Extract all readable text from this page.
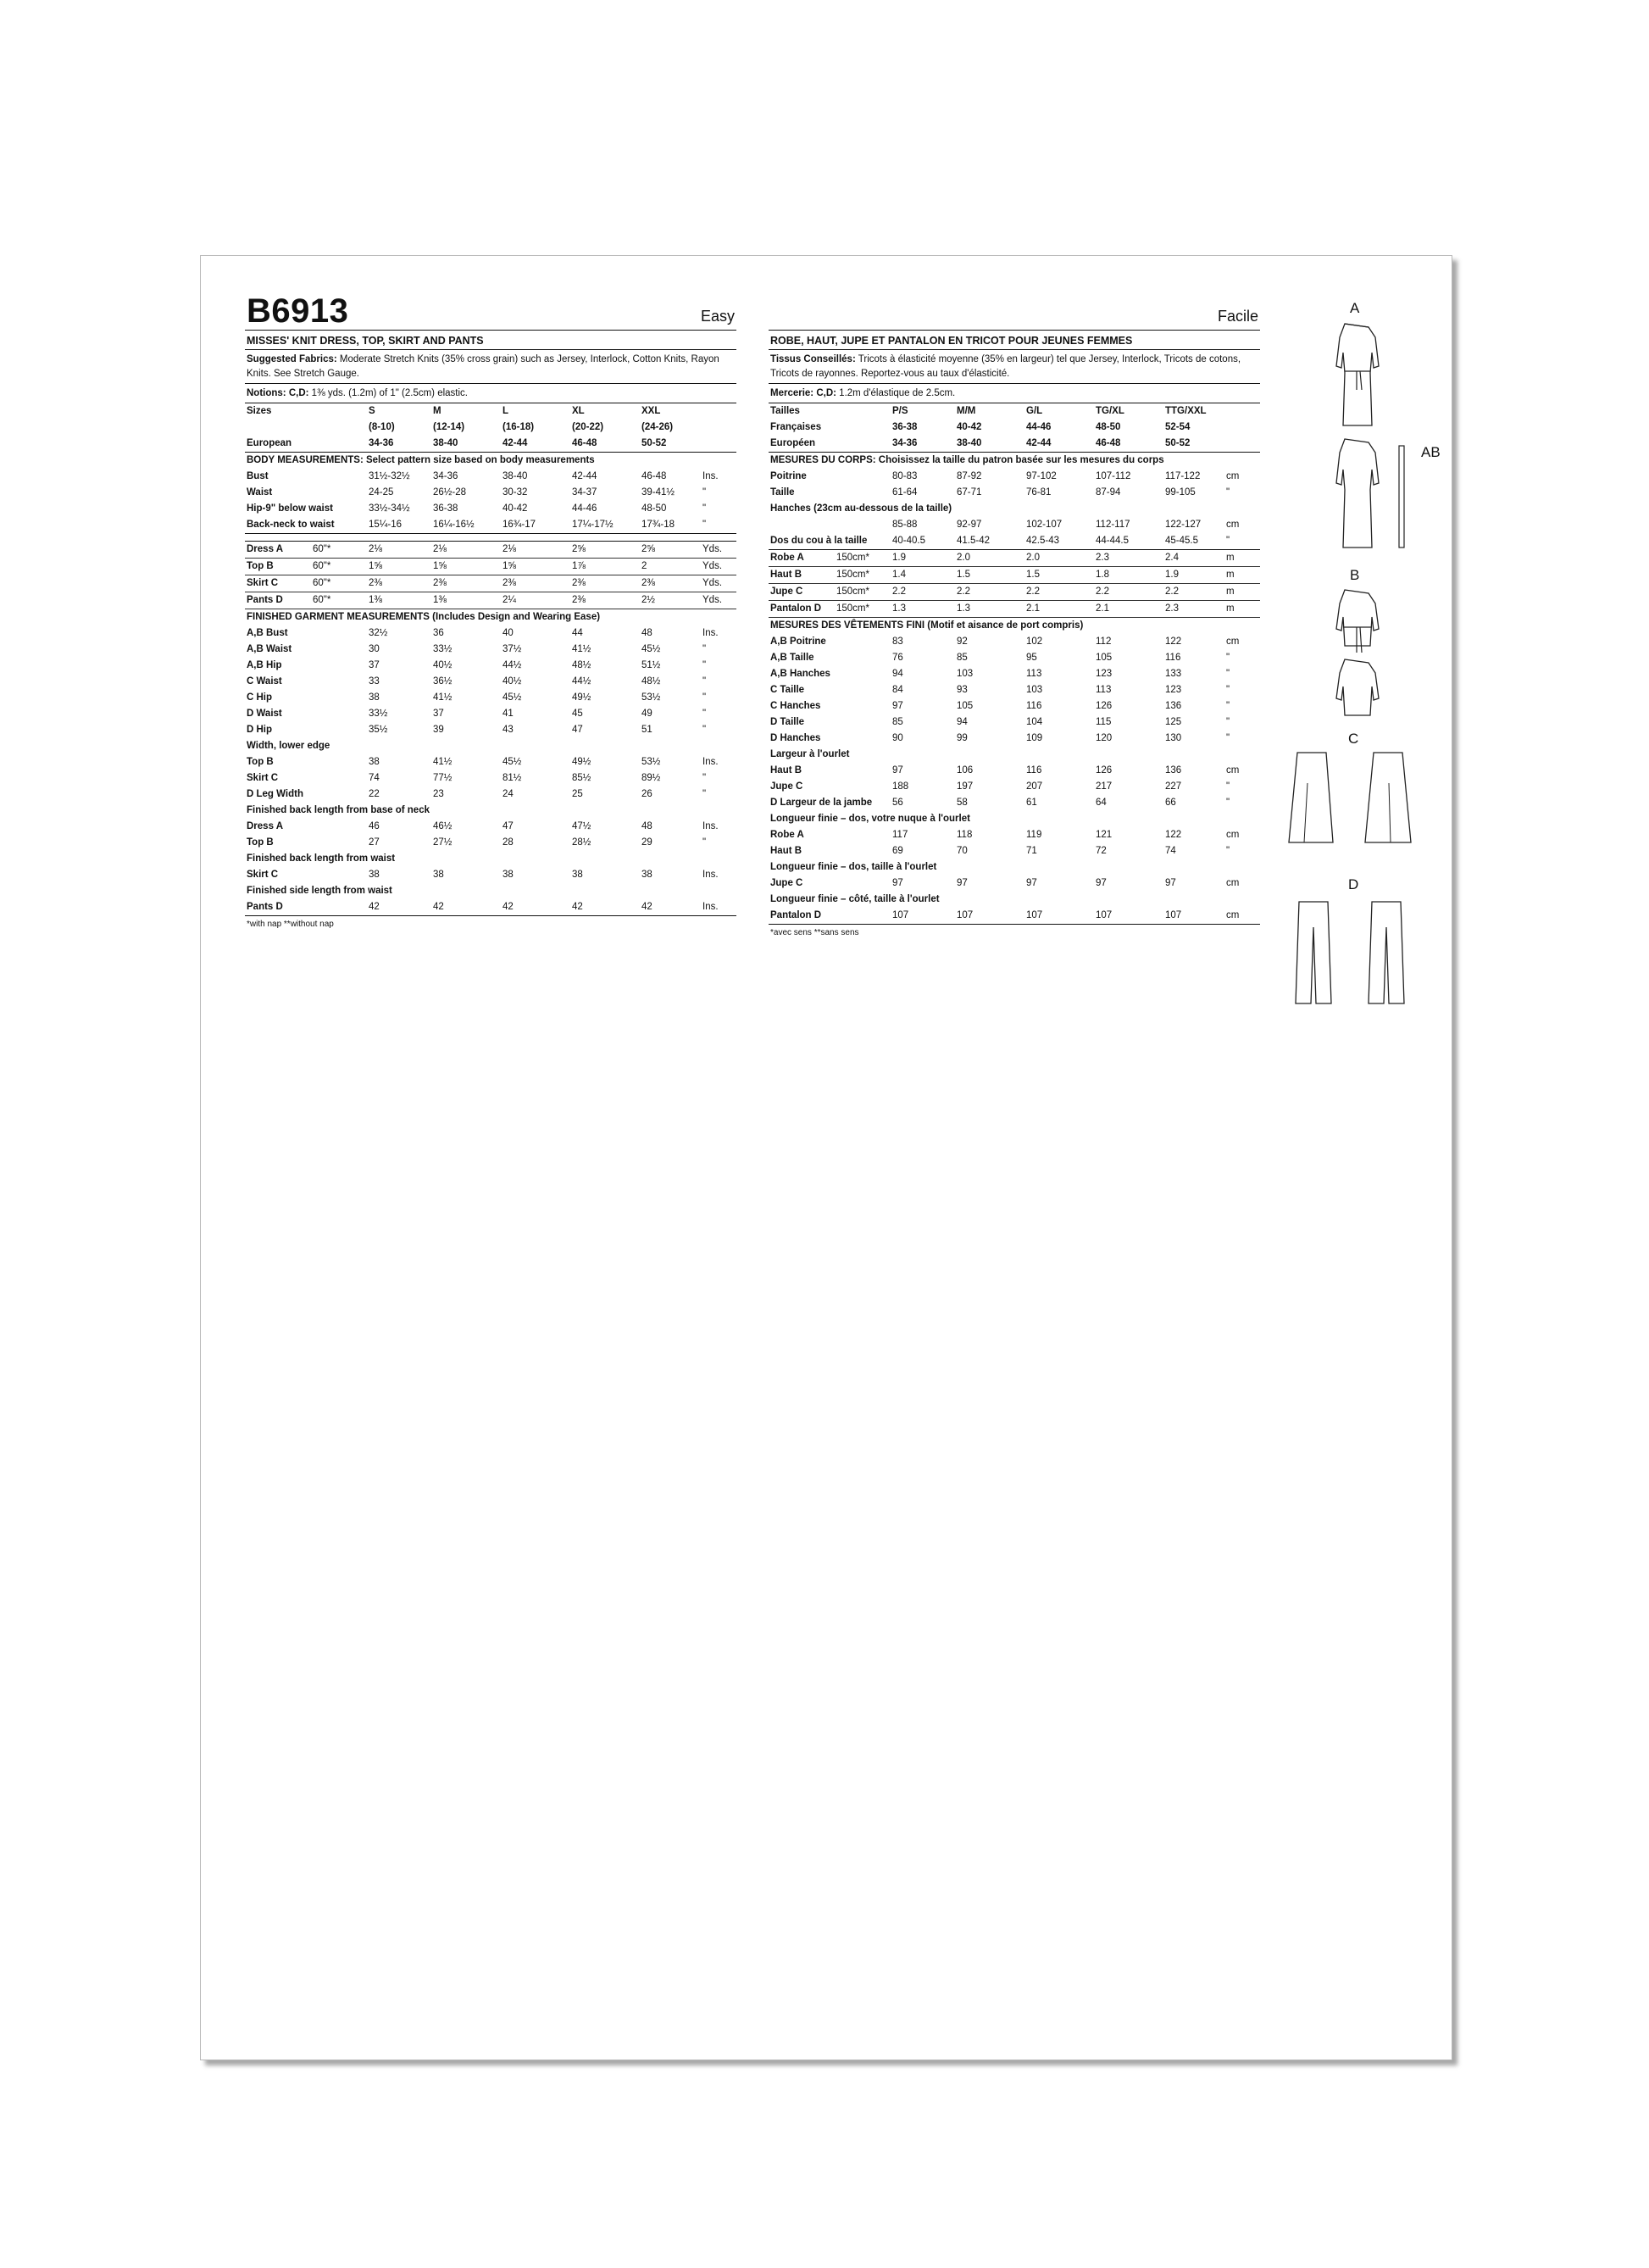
B6913	Easy
MISSES' KNIT DRESS, TOP, SKIRT AND PANTS
Suggested Fabrics: Moderate Stretch Knits (35% cross grain) such as Jersey, Interlock, Cotton Knits, Rayon Knits. See Stretch Gauge.
Notions: C,D: 1⅜ yds. (1.2m) of 1" (2.5cm) elastic.
Sizes	S	M	L	XL	XXL	
	(8-10)	(12-14)	(16-18)	(20-22)	(24-26)	
European	34-36	38-40	42-44	46-48	50-52	
BODY MEASUREMENTS: Select pattern size based on body measurements						
Bust	31½-32½	34-36	38-40	42-44	46-48	Ins.
Waist	24-25	26½-28	30-32	34-37	39-41½	"
Hip-9" below waist	33½-34½	36-38	40-42	44-46	48-50	"
Back-neck to waist	15¼-16	16¼-16½	16¾-17	17¼-17½	17¾-18	"

Dress A 60"*	2⅛	2⅛	2⅛	2⅝	2⅝	Yds.
Top B 60"*	1⅝	1⅝	1⅝	1⅞	2	Yds.
Skirt C 60"*	2⅜	2⅜	2⅜	2⅜	2⅜	Yds.
Pants D 60"*	1⅜	1⅜	2¼	2⅜	2½	Yds.
FINISHED GARMENT MEASUREMENTS (Includes Design and Wearing Ease)						
A,B Bust	32½	36	40	44	48	Ins.
A,B Waist	30	33½	37½	41½	45½	"
A,B Hip	37	40½	44½	48½	51½	"
C Waist	33	36½	40½	44½	48½	"
C Hip	38	41½	45½	49½	53½	"
D Waist	33½	37	41	45	49	"
D Hip	35½	39	43	47	51	"
Width, lower edge						
Top B	38	41½	45½	49½	53½	Ins.
Skirt C	74	77½	81½	85½	89½	"
D Leg Width	22	23	24	25	26	"
Finished back length from base of neck						
Dress A	46	46½	47	47½	48	Ins.
Top B	27	27½	28	28½	29	"
Finished back length from waist						
Skirt C	38	38	38	38	38	Ins.
Finished side length from waist						
Pants D	42	42	42	42	42	Ins.
*with nap **without nap
Facile
ROBE, HAUT, JUPE ET PANTALON EN TRICOT POUR JEUNES FEMMES
Tissus Conseillés: Tricots à élasticité moyenne (35% en largeur) tel que Jersey, Interlock, Tricots de cotons, Tricots de rayonnes. Reportez-vous au taux d'élasticité.
Mercerie: C,D: 1.2m d'élastique de 2.5cm.
Tailles	P/S	M/M	G/L	TG/XL	TTG/XXL	
Françaises	36-38	40-42	44-46	48-50	52-54	
Européen	34-36	38-40	42-44	46-48	50-52	
MESURES DU CORPS: Choisissez la taille du patron basée sur les mesures du corps						
Poitrine	80-83	87-92	97-102	107-112	117-122	cm
Taille	61-64	67-71	76-81	87-94	99-105	"
Hanches (23cm au-dessous de la taille)						
	85-88	92-97	102-107	112-117	122-127	cm
Dos du cou à la taille	40-40.5	41.5-42	42.5-43	44-44.5	45-45.5	"

Robe A 150cm*	1.9	2.0	2.0	2.3	2.4	m
Haut B 150cm*	1.4	1.5	1.5	1.8	1.9	m
Jupe C 150cm*	2.2	2.2	2.2	2.2	2.2	m
Pantalon D 150cm*	1.3	1.3	2.1	2.1	2.3	m
MESURES DES VÊTEMENTS FINI (Motif et aisance de port compris)						
A,B Poitrine	83	92	102	112	122	cm
A,B Taille	76	85	95	105	116	"
A,B Hanches	94	103	113	123	133	"
C Taille	84	93	103	113	123	"
C Hanches	97	105	116	126	136	"
D Taille	85	94	104	115	125	"
D Hanches	90	99	109	120	130	"
Largeur à l'ourlet						
Haut B	97	106	116	126	136	cm
Jupe C	188	197	207	217	227	"
D Largeur de la jambe	56	58	61	64	66	"
Longueur finie – dos, votre nuque à l'ourlet						
Robe A	117	118	119	121	122	cm
Haut B	69	70	71	72	74	"
Longueur finie – dos, taille à l'ourlet						
Jupe C	97	97	97	97	97	cm
Longueur finie – côté, taille à l'ourlet						
Pantalon D	107	107	107	107	107	cm
*avec sens **sans sens
A
AB
B
C
D
